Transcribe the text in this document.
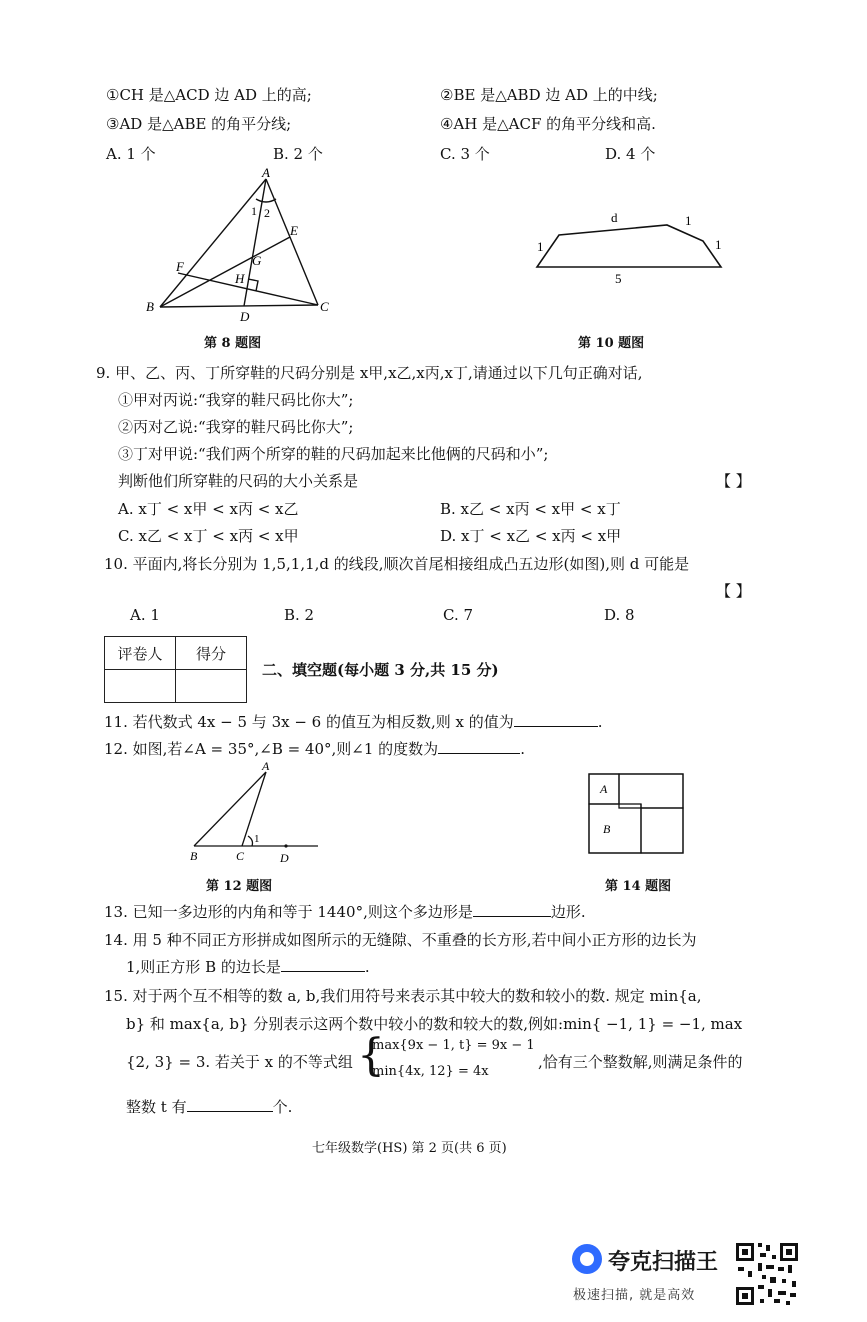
①CH 是△ACD 边 AD 上的高;	②BE 是△ABD 边 AD 上的中线;
③AD 是△ABE 的角平分线;	④AH 是△ACF 的角平分线和高.
A. 1 个	B. 2 个	C. 3 个	D. 4 个
A
B	C
D
E
F	G
H
1 2
第 8 题图
d	1
1
1
5
第 10 题图
9. 甲、乙、丙、丁所穿鞋的尺码分别是 x甲,x乙,x丙,x丁,请通过以下几句正确对话,
①甲对丙说:“我穿的鞋尺码比你大”;
②丙对乙说:“我穿的鞋尺码比你大”;
③丁对甲说:“我们两个所穿的鞋的尺码加起来比他俩的尺码和小”;
判断他们所穿鞋的尺码的大小关系是	【 】
A. x丁 < x甲 < x丙 < x乙	B. x乙 < x丙 < x甲 < x丁
C. x乙 < x丁 < x丙 < x甲	D. x丁 < x乙 < x丙 < x甲
10. 平面内,将长分别为 1,5,1,1,d 的线段,顺次首尾相接组成凸五边形(如图),则 d 可能是
【 】
A. 1	B. 2	C. 7	D. 8
评卷人	得分

二、填空题(每小题 3 分,共 15 分)
11. 若代数式 4x − 5 与 3x − 6 的值互为相反数,则 x 的值为	.
12. 如图,若∠A = 35°,∠B = 40°,则∠1 的度数为	.
A
B	C	D
1
第 12 题图
A
B
第 14 题图
13. 已知一多边形的内角和等于 1440°,则这个多边形是	边形.
14. 用 5 种不同正方形拼成如图所示的无缝隙、不重叠的长方形,若中间小正方形的边长为
1,则正方形 B 的边长是	.
15. 对于两个互不相等的数 a, b,我们用符号来表示其中较大的数和较小的数. 规定 min{a,
b} 和 max{a, b} 分别表示这两个数中较小的数和较大的数,例如:min{ −1, 1} = −1, max
{2, 3} = 3. 若关于 x 的不等式组 {
max{9x − 1, t} = 9x − 1
min{4x, 12} = 4x
,恰有三个整数解,则满足条件的
整数 t 有	个.
七年级数学(HS) 第 2 页(共 6 页)
夸克扫描王
极速扫描, 就是高效
